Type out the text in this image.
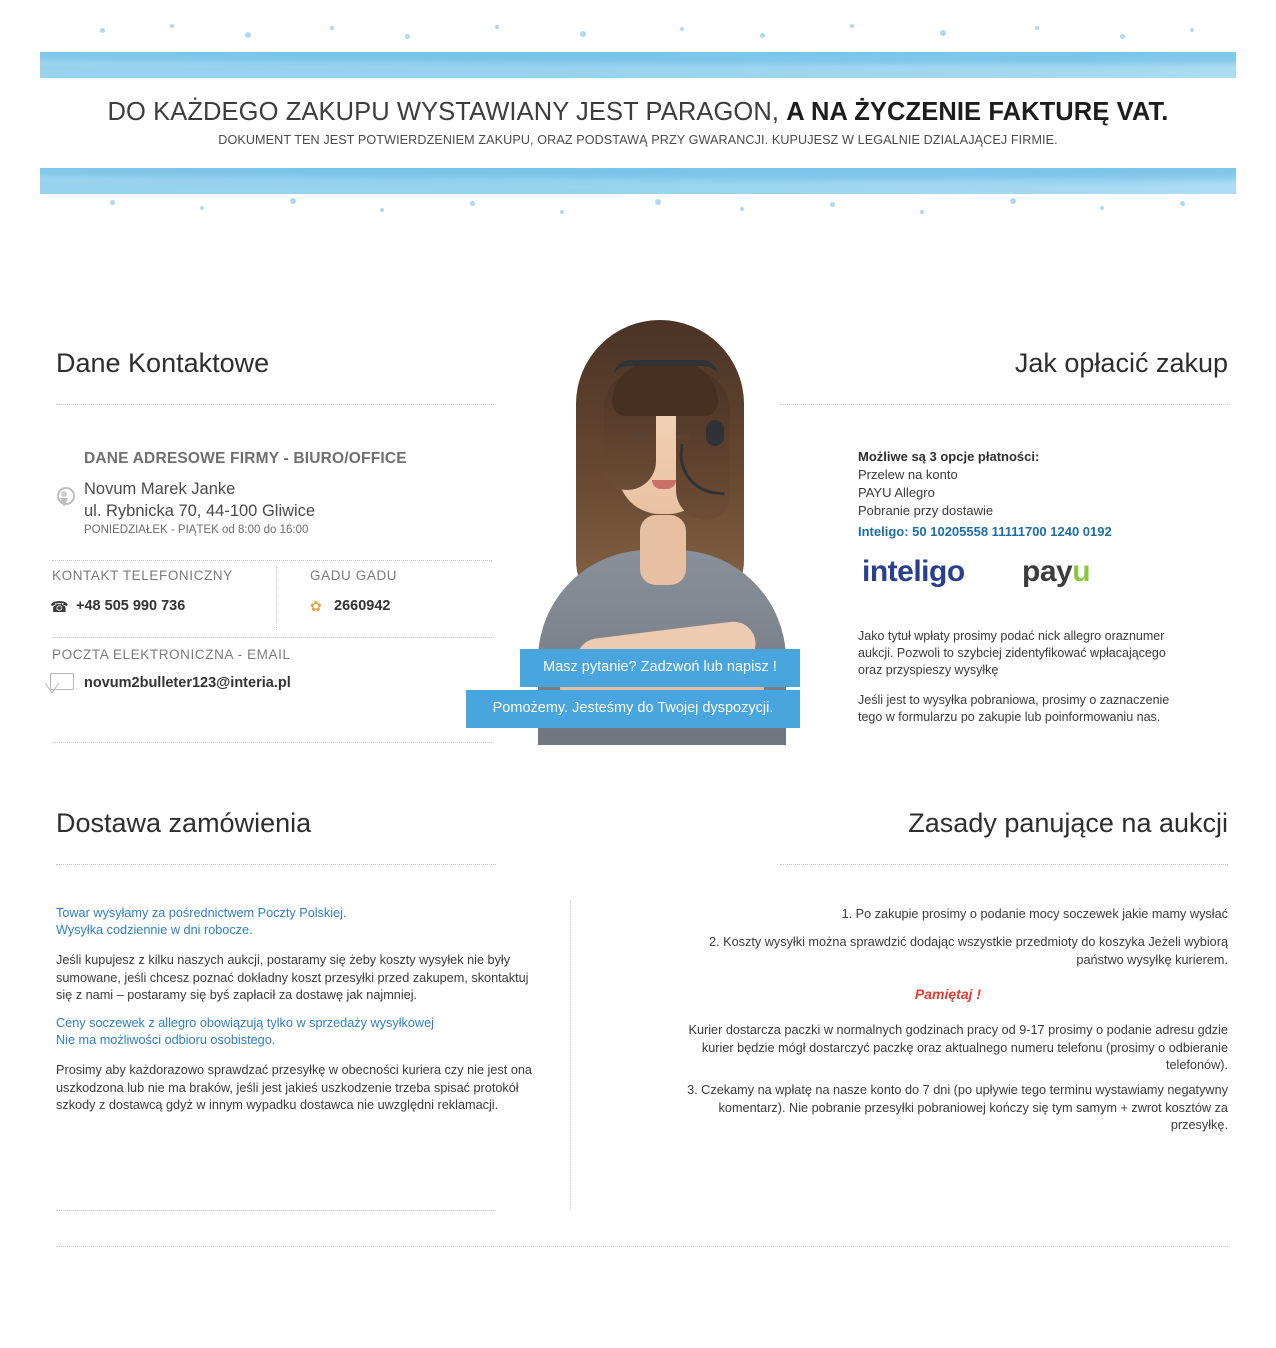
DO KAŻDEGO ZAKUPU WYSTAWIANY JEST PARAGON, A NA ŻYCZENIE FAKTURĘ VAT.
DOKUMENT TEN JEST POTWIERDZENIEM ZAKUPU, ORAZ PODSTAWĄ PRZY GWARANCJI. KUPUJESZ W LEGALNIE DZIALAJĄCEJ FIRMIE.
Dane Kontaktowe	Jak opłacić zakup
DANE ADRESOWE FIRMY - BIURO/OFFICE
Novum Marek Janke
ul. Rybnicka 70, 44-100 Gliwice
PONIEDZIAŁEK - PIĄTEK od 8:00 do 16:00
KONTAKT TELEFONICZNY
☎ +48 505 990 736
GADU GADU
✿ 2660942
POCZTA ELEKTRONICZNA - EMAIL
novum2bulleter123@interia.pl
Masz pytanie? Zadzwoń lub napisz !
Pomożemy. Jesteśmy do Twojej dyspozycji.
Możliwe są 3 opcje płatności:
Przelew na konto
PAYU Allegro
Pobranie przy dostawie
Inteligo: 50 10205558 11111700 1240 0192
inteligo payu
Jako tytuł wpłaty prosimy podać nick allegro oraznumer aukcji. Pozwoli to szybciej zidentyfikować wpłacającego oraz przyspieszy wysyłkę
Jeśli jest to wysyłka pobraniowa, prosimy o zaznaczenie tego w formularzu po zakupie lub poinformowaniu nas.
Dostawa zamówienia	Zasady panujące na aukcji
Towar wysyłamy za pośrednictwem Poczty Polskiej.
Wysyłka codziennie w dni robocze.
Jeśli kupujesz z kilku naszych aukcji, postaramy się żeby koszty wysyłek nie były sumowane, jeśli chcesz poznać dokładny koszt przesyłki przed zakupem, skontaktuj się z nami – postaramy się byś zapłacił za dostawę jak najmniej.
Ceny soczewek z allegro obowiązują tylko w sprzedaży wysyłkowej
Nie ma możliwości odbioru osobistego.
Prosimy aby każdorazowo sprawdzać przesyłkę w obecności kuriera czy nie jest ona uszkodzona lub nie ma braków, jeśli jest jakieś uszkodzenie trzeba spisać protokół szkody z dostawcą gdyż w innym wypadku dostawca nie uwzględni reklamacji.
1. Po zakupie prosimy o podanie mocy soczewek jakie mamy wysłać
2. Koszty wysyłki można sprawdzić dodając wszystkie przedmioty do koszyka Jeżeli wybiorą państwo wysyłkę kurierem.
Pamiętaj !
Kurier dostarcza paczki w normalnych godzinach pracy od 9-17 prosimy o podanie adresu gdzie kurier będzie mógł dostarczyć paczkę oraz aktualnego numeru telefonu (prosimy o odbieranie telefonów).
3. Czekamy na wpłatę na nasze konto do 7 dni (po upływie tego terminu wystawiamy negatywny komentarz). Nie pobranie przesyłki pobraniowej kończy się tym samym + zwrot kosztów za przesyłkę.
